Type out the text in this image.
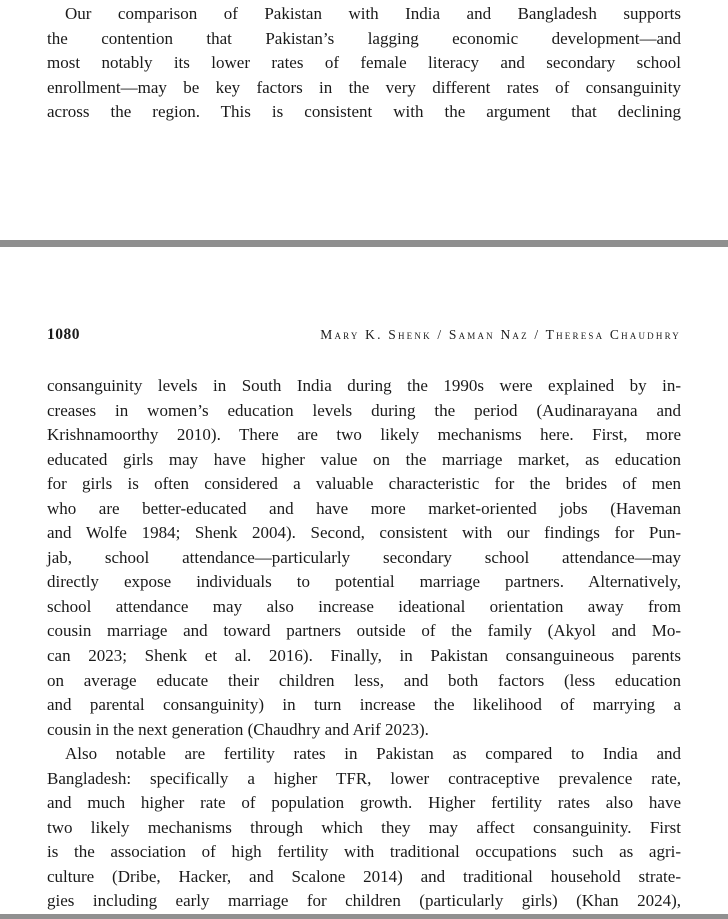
Our comparison of Pakistan with India and Bangladesh supports
the contention that Pakistan’s lagging economic development—and
most notably its lower rates of female literacy and secondary school
enrollment—may be key factors in the very different rates of consanguinity
across the region. This is consistent with the argument that declining
1080	Mary K. Shenk / Saman Naz / Theresa Chaudhry
consanguinity levels in South India during the 1990s were explained by in-
creases in women’s education levels during the period (Audinarayana and
Krishnamoorthy 2010). There are two likely mechanisms here. First, more
educated girls may have higher value on the marriage market, as education
for girls is often considered a valuable characteristic for the brides of men
who are better-educated and have more market-oriented jobs (Haveman
and Wolfe 1984; Shenk 2004). Second, consistent with our findings for Pun-
jab, school attendance—particularly secondary school attendance—may
directly expose individuals to potential marriage partners. Alternatively,
school attendance may also increase ideational orientation away from
cousin marriage and toward partners outside of the family (Akyol and Mo-
can 2023; Shenk et al. 2016). Finally, in Pakistan consanguineous parents
on average educate their children less, and both factors (less education
and parental consanguinity) in turn increase the likelihood of marrying a
cousin in the next generation (Chaudhry and Arif 2023).
Also notable are fertility rates in Pakistan as compared to India and
Bangladesh: specifically a higher TFR, lower contraceptive prevalence rate,
and much higher rate of population growth. Higher fertility rates also have
two likely mechanisms through which they may affect consanguinity. First
is the association of high fertility with traditional occupations such as agri-
culture (Dribe, Hacker, and Scalone 2014) and traditional household strate-
gies including early marriage for children (particularly girls) (Khan 2024),
